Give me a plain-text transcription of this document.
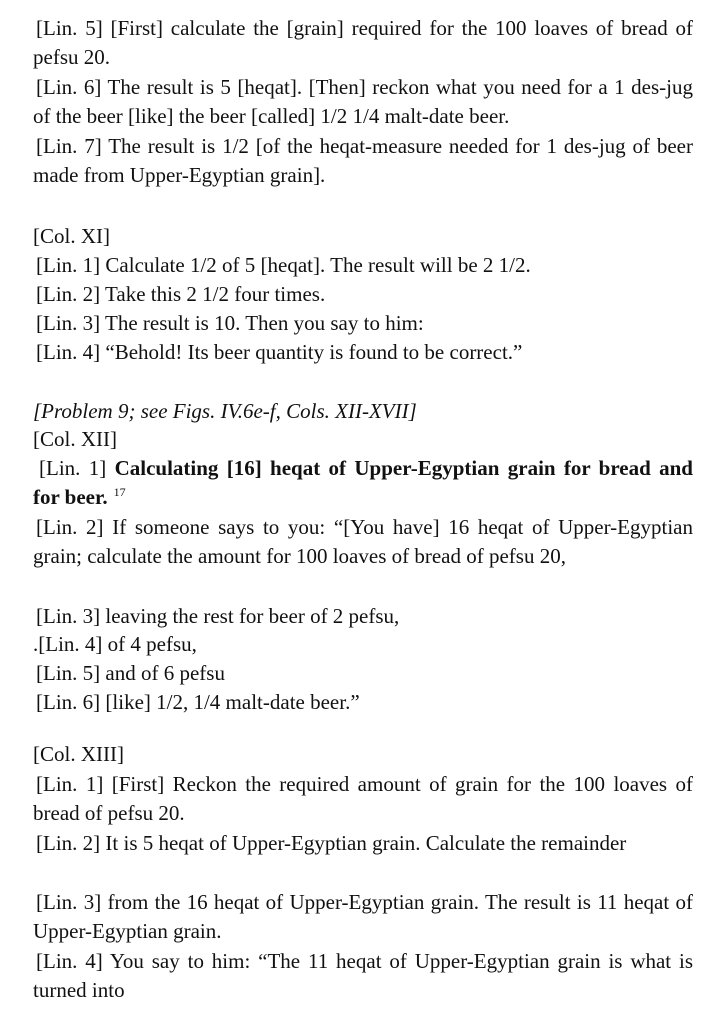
[Lin. 5] [First] calculate the [grain] required for the 100 loaves of bread of pefsu 20.

[Lin. 6] The result is 5 [heqat]. [Then] reckon what you need for a 1 des-jug of the beer [like] the beer [called] 1/2 1/4 malt-date beer.

[Lin. 7] The result is 1/2 [of the heqat-measure needed for 1 des-jug of beer made from Upper-Egyptian grain].

[Col. XI]
[Lin. 1] Calculate 1/2 of 5 [heqat]. The result will be 2 1/2.
[Lin. 2] Take this 2 1/2 four times.
[Lin. 3] The result is 10. Then you say to him:
[Lin. 4] “Behold! Its beer quantity is found to be correct.”
[Problem 9; see Figs. IV.6e-f, Cols. XII-XVII]
[Col. XII]

[Lin. 1] Calculating [16] heqat of Upper-Egyptian grain for bread and for beer. $^{17}$

[Lin. 2] If someone says to you: “[You have] 16 heqat of Upper-Egyptian grain; calculate the amount for 100 loaves of bread of pefsu 20,

[Lin. 3] leaving the rest for beer of 2 pefsu,
.[Lin. 4] of 4 pefsu,
[Lin. 5] and of 6 pefsu
[Lin. 6] [like] 1/2, 1/4 malt-date beer.”
[Col. XIII]

[Lin. 1] [First] Reckon the required amount of grain for the 100 loaves of bread of pefsu 20.

[Lin. 2] It is 5 heqat of Upper-Egyptian grain. Calculate the remainder

[Lin. 3] from the 16 heqat of Upper-Egyptian grain. The result is 11 heqat of Upper-Egyptian grain.

[Lin. 4] You say to him: “The 11 heqat of Upper-Egyptian grain is what is turned into
